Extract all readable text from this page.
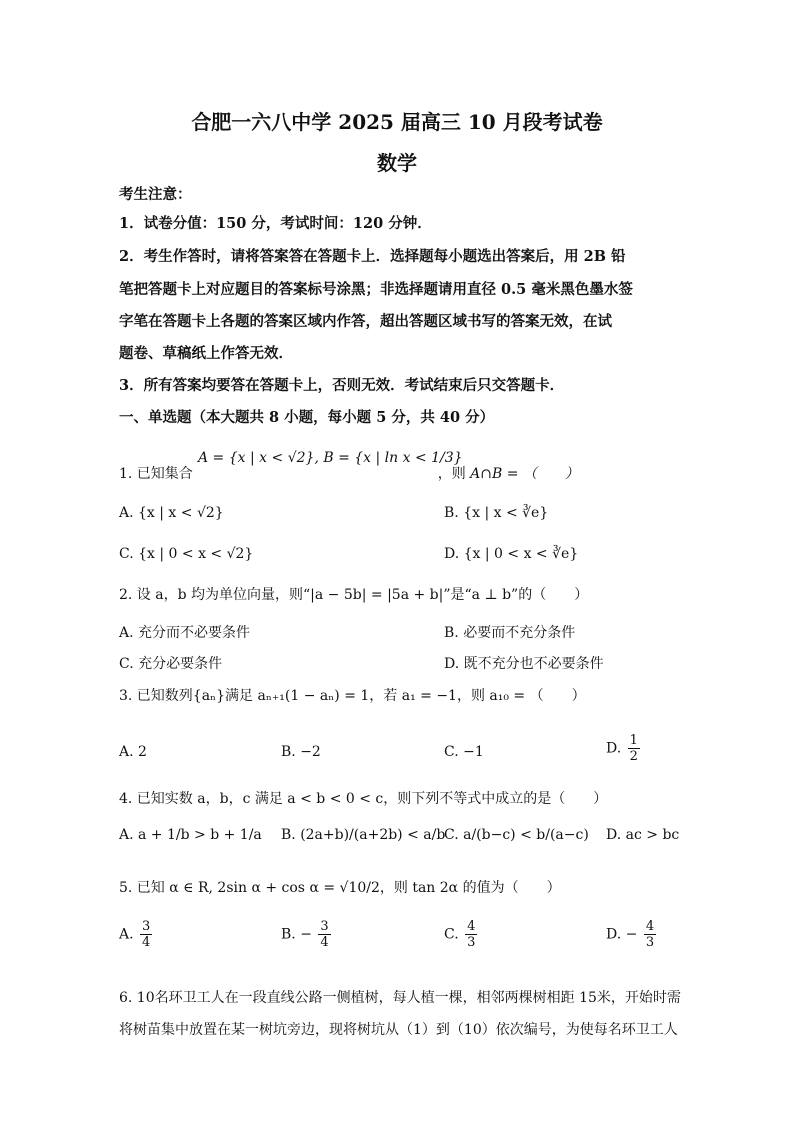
合肥一六八中学 2025 届高三 10 月段考试卷
数学
考生注意：
1．试卷分值：150 分，考试时间：120 分钟．
2．考生作答时，请将答案答在答题卡上．选择题每小题选出答案后，用 2B 铅
笔把答题卡上对应题目的答案标号涂黑；非选择题请用直径 0.5 毫米黑色墨水签
字笔在答题卡上各题的答案区域内作答，超出答题区域书写的答案无效，在试
题卷、草稿纸上作答无效．
3．所有答案均要答在答题卡上，否则无效．考试结束后只交答题卡．
一、单选题（本大题共 8 小题，每小题 5 分，共 40 分）
A = {x | x < √2}, B = {x | ln x < 1/3}
1. 已知集合	，则 A∩B = （　　）
A. {x | x < √2}	B. {x | x < ∛e}
C. {x | 0 < x < √2}	D. {x | 0 < x < ∛e}
2. 设 a，b 均为单位向量，则“|a − 5b| = |5a + b|”是“a ⊥ b”的（　　）
A. 充分而不必要条件	B. 必要而不充分条件
C. 充分必要条件	D. 既不充分也不必要条件
3. 已知数列{aₙ}满足 aₙ₊₁(1 − aₙ) = 1，若 a₁ = −1，则 a₁₀ = （　　）
A. 2	B. −2	C. −1	D. $\frac{1}{2}$
4. 已知实数 a，b，c 满足 a < b < 0 < c，则下列不等式中成立的是（　　）
A. a + 1/b > b + 1/a B. (2a+b)/(a+2b) < a/b
C. a/(b−c) < b/(a−c) D. ac > bc
5. 已知 α ∈ R, 2sin α + cos α = √10/2，则 tan 2α 的值为（　　）
A. $\frac{3}{4}$	B. − $\frac{3}{4}$	C. $\frac{4}{3}$	D. − $\frac{4}{3}$
6. 10名环卫工人在一段直线公路一侧植树，每人植一棵，相邻两棵树相距 15米，开始时需
将树苗集中放置在某一树坑旁边，现将树坑从（1）到（10）依次编号，为使每名环卫工人
